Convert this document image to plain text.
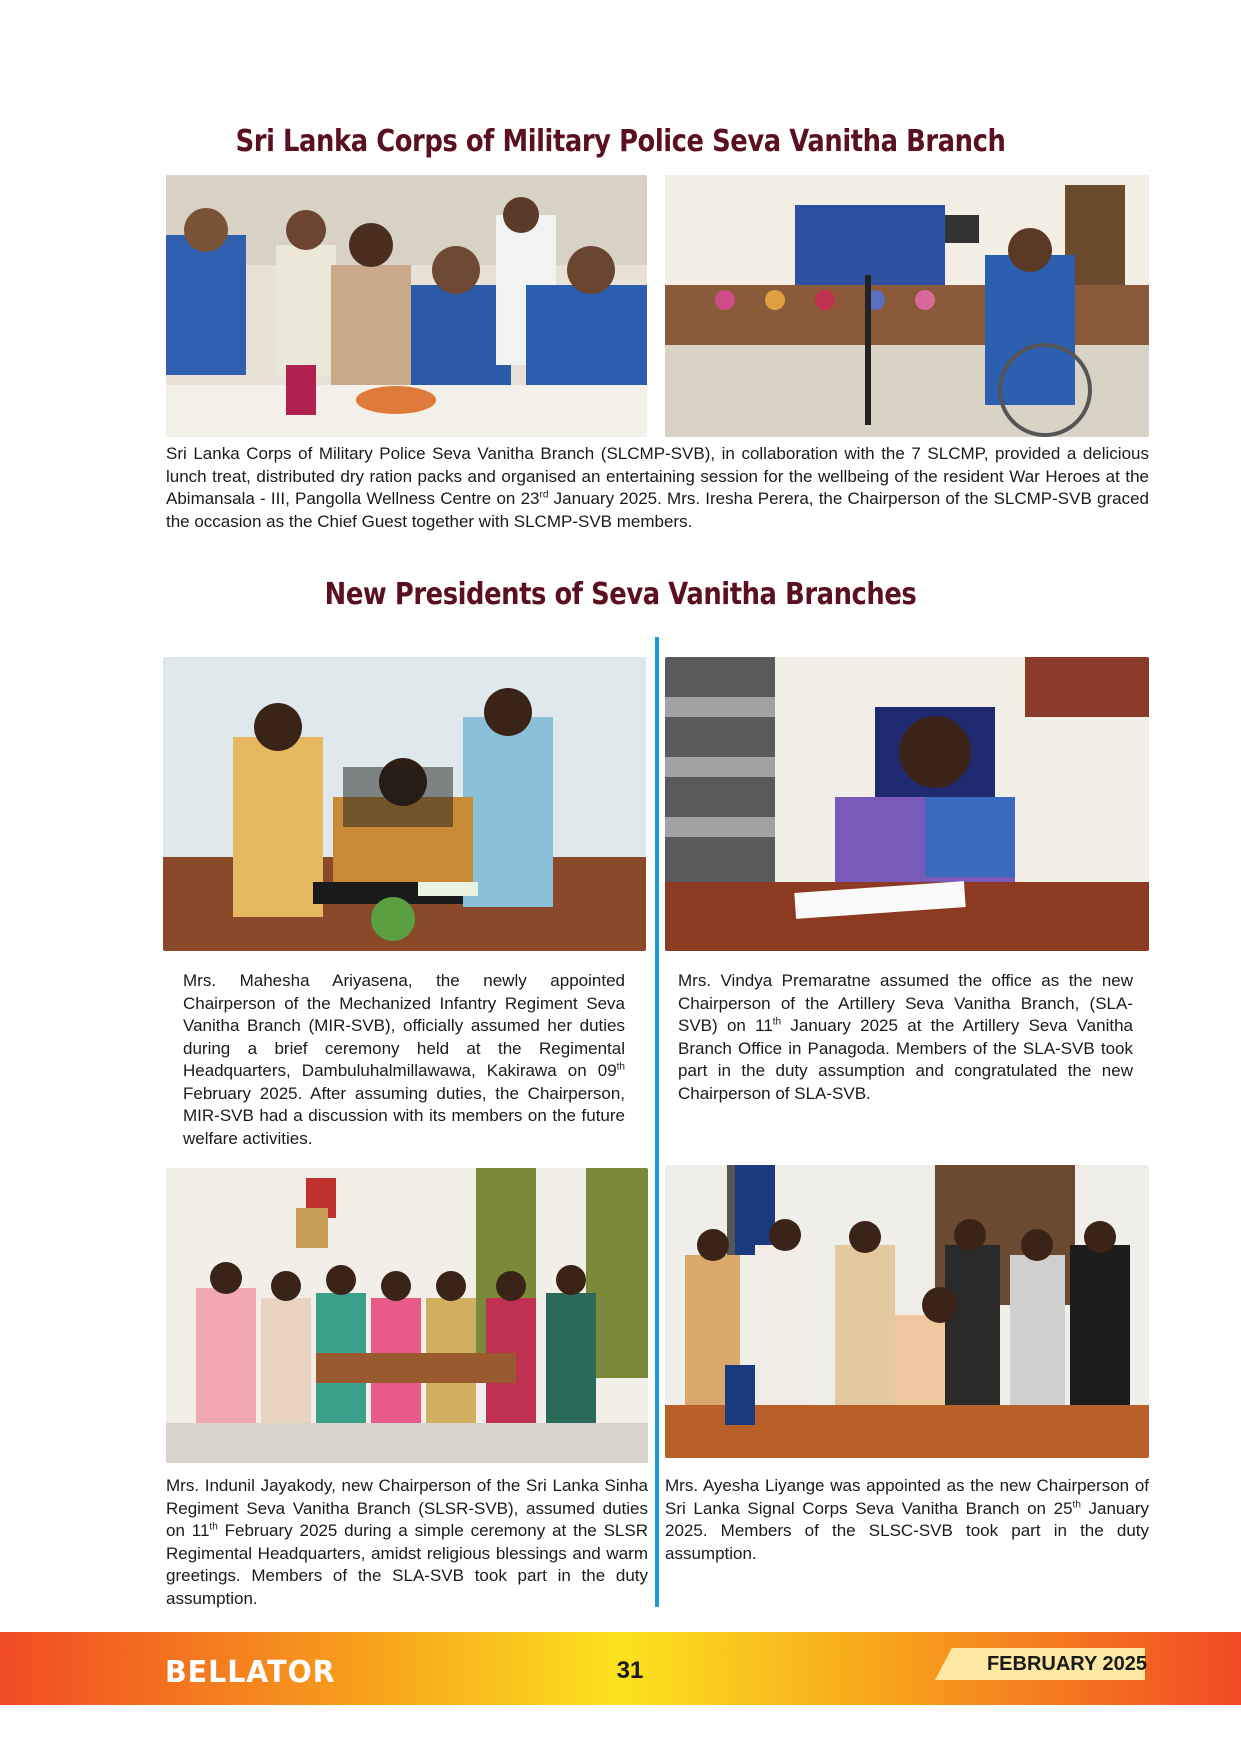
Sri Lanka Corps of Military Police Seva Vanitha Branch

Sri Lanka Corps of Military Police Seva Vanitha Branch (SLCMP-SVB), in collaboration with the 7 SLCMP, provided a delicious lunch treat, distributed dry ration packs and organised an entertaining session for the wellbeing of the resident War Heroes at the Abimansala - III, Pangolla Wellness Centre on 23rd January 2025. Mrs. Iresha Perera, the Chairperson of the SLCMP-SVB graced the occasion as the Chief Guest together with SLCMP-SVB members.

New Presidents of Seva Vanitha Branches

Mrs. Mahesha Ariyasena, the newly appointed Chairperson of the Mechanized Infantry Regiment Seva Vanitha Branch (MIR-SVB), officially assumed her duties during a brief ceremony held at the Regimental Headquarters, Dambuluhalmillawawa, Kakirawa on 09th February 2025. After assuming duties, the Chairperson, MIR-SVB had a discussion with its members on the future welfare activities.

Mrs. Vindya Premaratne assumed the office as the new Chairperson of the Artillery Seva Vanitha Branch, (SLA-SVB) on 11th January 2025 at the Artillery Seva Vanitha Branch Office in Panagoda. Members of the SLA-SVB took part in the duty assumption and congratulated the new Chairperson of SLA-SVB.

Mrs. Indunil Jayakody, new Chairperson of the Sri Lanka Sinha Regiment Seva Vanitha Branch (SLSR-SVB), assumed duties on 11th February 2025 during a simple ceremony at the SLSR Regimental Headquarters, amidst religious blessings and warm greetings. Members of the SLA-SVB took part in the duty assumption.

Mrs. Ayesha Liyange was appointed as the new Chairperson of Sri Lanka Signal Corps Seva Vanitha Branch on 25th January 2025. Members of the SLSC-SVB took part in the duty assumption.

BELLATOR	31	FEBRUARY 2025
